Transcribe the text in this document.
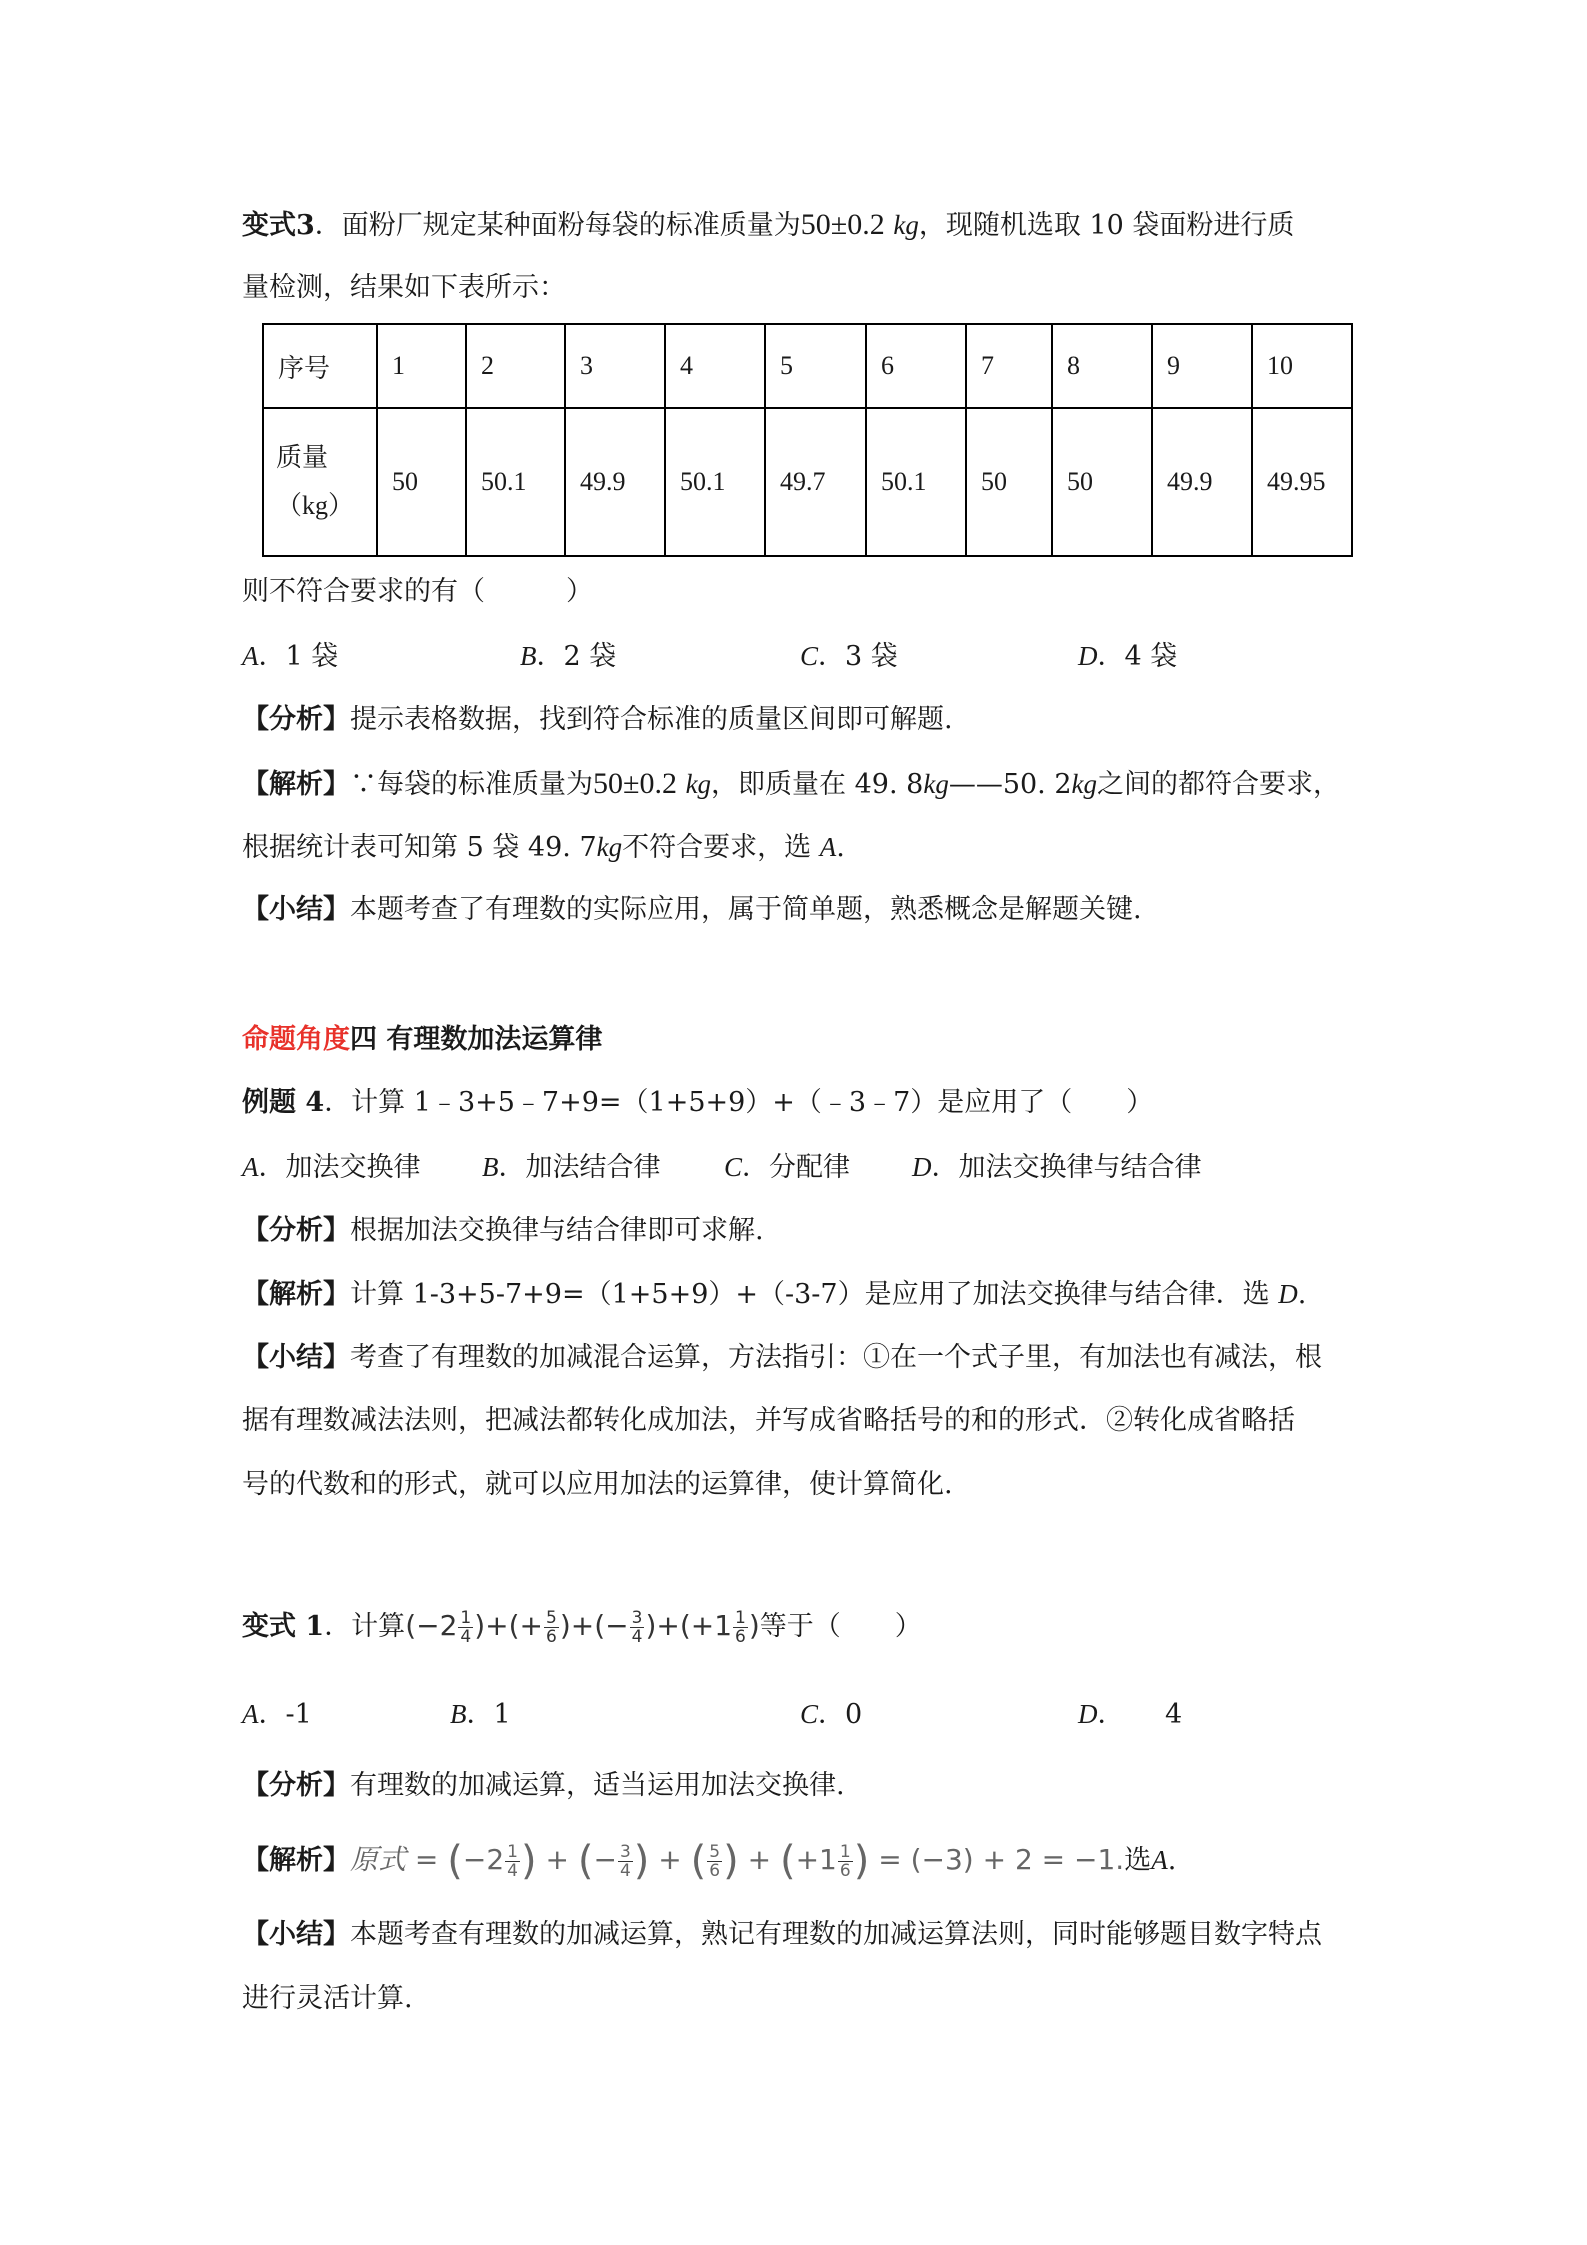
变式3．面粉厂规定某种面粉每袋的标准质量为50±0.2 kg，现随机选取 10 袋面粉进行质
量检测，结果如下表所示：
序号	1	2	3	4	5	6	7	8	9	10

质量
（kg）	50	50.1	49.9	50.1	49.7	50.1	50	50	49.9	49.95
则不符合要求的有（　　　）
A．1 袋	B．2 袋	C．3 袋	D．4 袋
【分析】提示表格数据，找到符合标准的质量区间即可解题.
【解析】∵每袋的标准质量为50±0.2 kg，即质量在 49. 8kg——50. 2kg之间的都符合要求，
根据统计表可知第 5 袋 49. 7kg不符合要求，选 A.
【小结】本题考查了有理数的实际应用，属于简单题，熟悉概念是解题关键.
命题角度四 有理数加法运算律
例题 4．计算 1﹣3+5﹣7+9=（1+5+9）+（﹣3﹣7）是应用了（　　）
A．加法交换律 B．加法结合律 C．分配律 D．加法交换律与结合律
【分析】根据加法交换律与结合律即可求解.
【解析】计算 1-3+5-7+9=（1+5+9）+（-3-7）是应用了加法交换律与结合律．选 D.
【小结】考查了有理数的加减混合运算，方法指引：①在一个式子里，有加法也有减法，根
据有理数减法法则，把减法都转化成加法，并写成省略括号的和的形式．②转化成省略括
号的代数和的形式，就可以应用加法的运算律，使计算简化.
变式 1．计算($-2 \frac{1}{4}$ )+(+ $\frac{5}{6}$ )+(− $\frac{3}{4} )+(+1 \frac{1}{6}$ )等于（　　）
A．-1	B．1	C．0	D．　　4
【分析】有理数的加减运算，适当运用加法交换律.
【解析】原式 = ($-2 \frac{1}{4}$ ) + (− $\frac{3}{4}$ ) + ( $\frac{5}{6}$ ) + ($+1 \frac{1}{6}$ ) = (−3) + 2 = −1.选A.
【小结】本题考查有理数的加减运算，熟记有理数的加减运算法则，同时能够题目数字特点
进行灵活计算.
